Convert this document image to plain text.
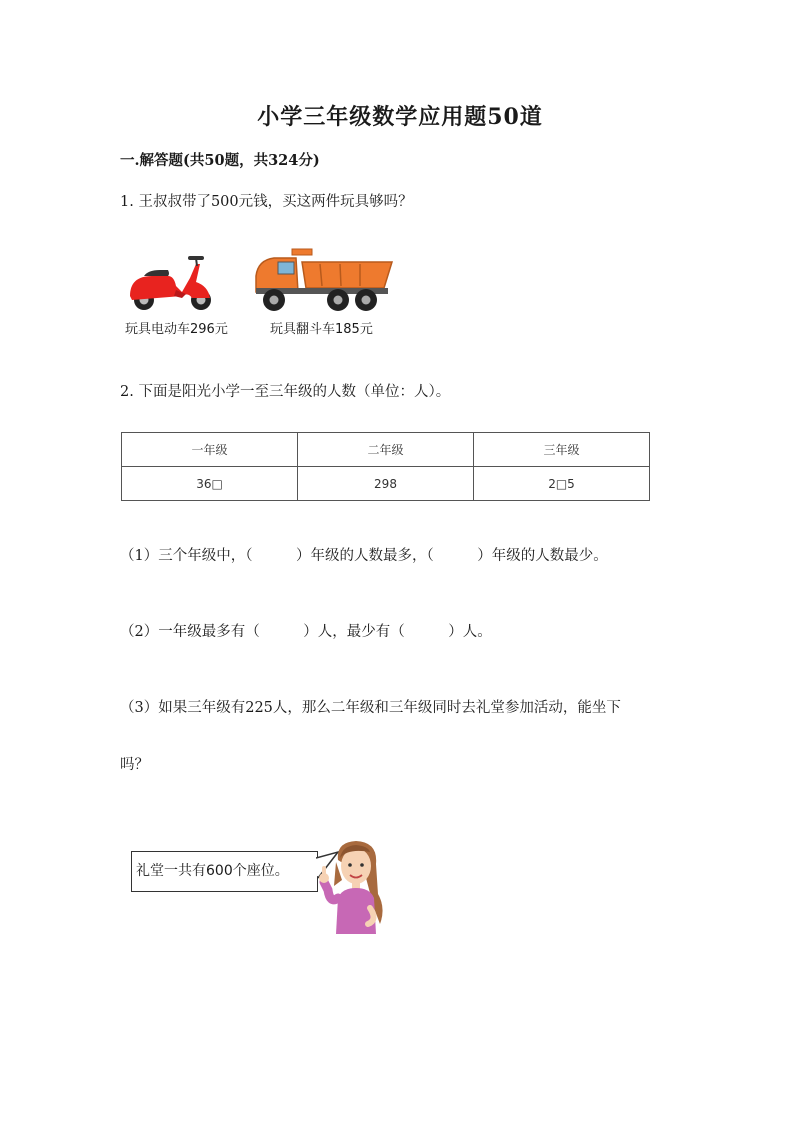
小学三年级数学应用题50道
一.解答题(共50题，共324分)
1. 王叔叔带了500元钱，买这两件玩具够吗？
玩具电动车296元	玩具翻斗车185元
2. 下面是阳光小学一至三年级的人数（单位：人）。
一年级	二年级	三年级
36□	298	2□5
（1）三个年级中，（　　　）年级的人数最多，（　　　）年级的人数最少。
（2）一年级最多有（　　　）人，最少有（　　　）人。
（3）如果三年级有225人，那么二年级和三年级同时去礼堂参加活动，能坐下
吗？
礼堂一共有600个座位。
